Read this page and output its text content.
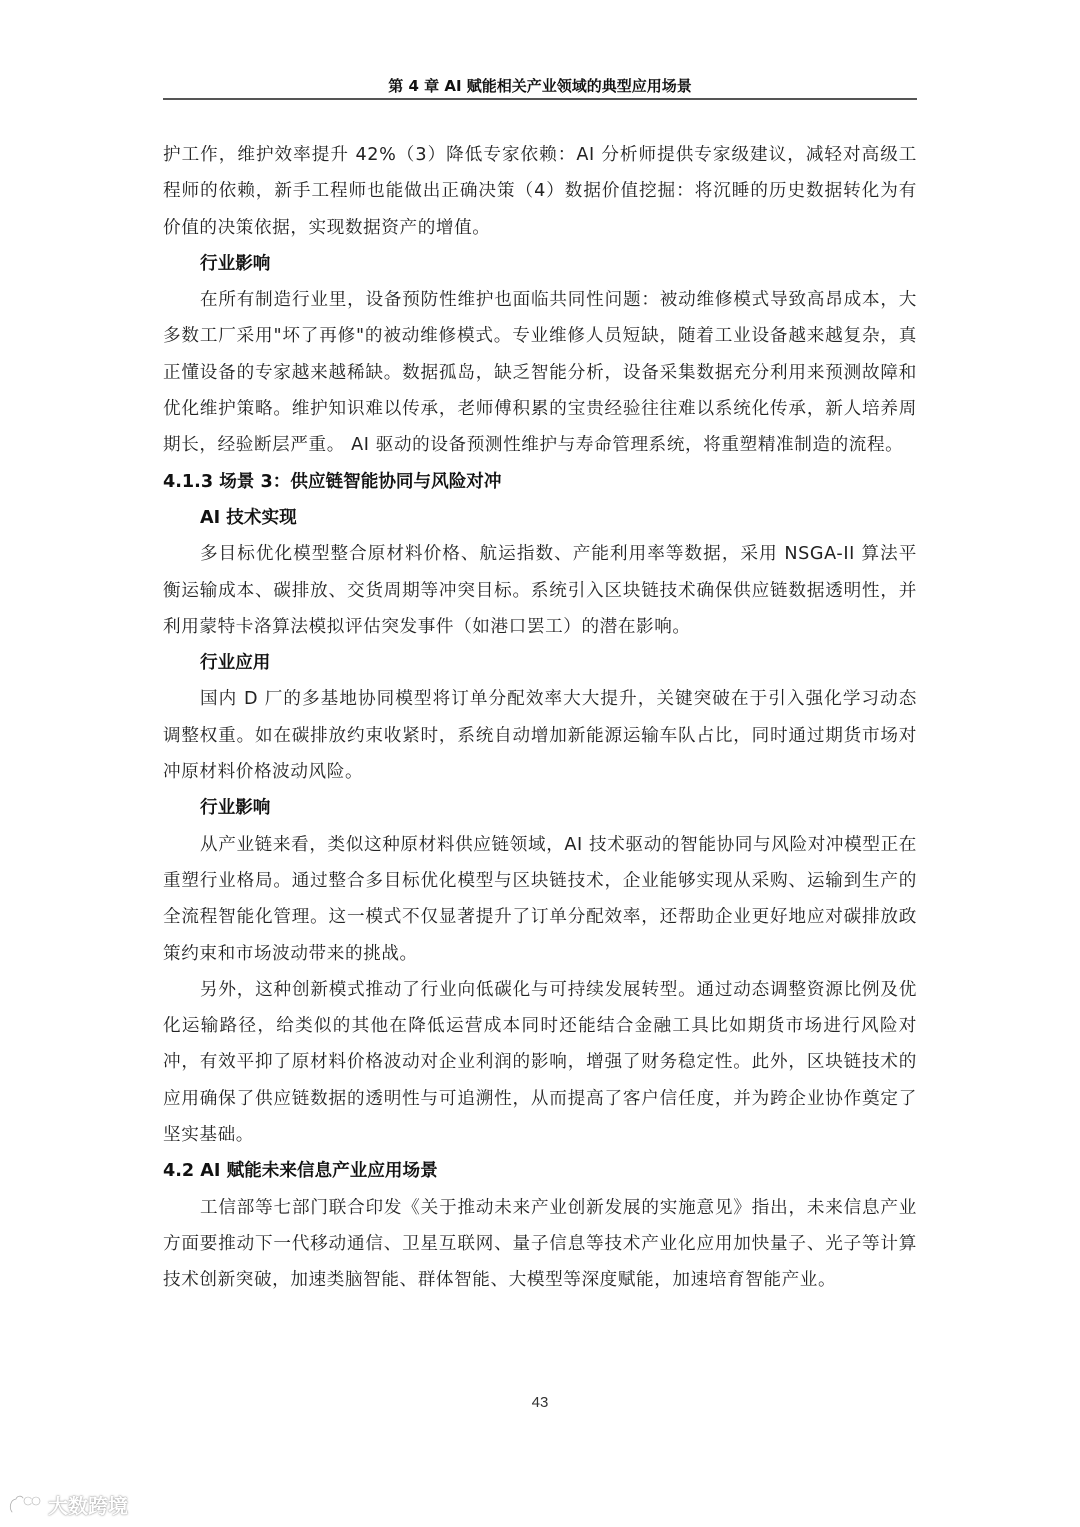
第 4 章 AI 赋能相关产业领域的典型应用场景

护工作，维护效率提升 42%（3）降低专家依赖：AI 分析师提供专家级建议，减轻对高级工程师的依赖，新手工程师也能做出正确决策（4）数据价值挖掘：将沉睡的历史数据转化为有价值的决策依据，实现数据资产的增值。

行业影响

在所有制造行业里，设备预防性维护也面临共同性问题：被动维修模式导致高昂成本，大多数工厂采用"坏了再修"的被动维修模式。专业维修人员短缺，随着工业设备越来越复杂，真正懂设备的专家越来越稀缺。数据孤岛，缺乏智能分析，设备采集数据充分利用来预测故障和优化维护策略。维护知识难以传承，老师傅积累的宝贵经验往往难以系统化传承，新人培养周期长，经验断层严重。 AI 驱动的设备预测性维护与寿命管理系统，将重塑精准制造的流程。

4.1.3 场景 3：供应链智能协同与风险对冲

AI 技术实现

多目标优化模型整合原材料价格、航运指数、产能利用率等数据，采用 NSGA-II 算法平衡运输成本、碳排放、交货周期等冲突目标。系统引入区块链技术确保供应链数据透明性，并利用蒙特卡洛算法模拟评估突发事件（如港口罢工）的潜在影响。

行业应用

国内 D 厂的多基地协同模型将订单分配效率大大提升，关键突破在于引入强化学习动态调整权重。如在碳排放约束收紧时，系统自动增加新能源运输车队占比，同时通过期货市场对冲原材料价格波动风险。

行业影响

从产业链来看，类似这种原材料供应链领域，AI 技术驱动的智能协同与风险对冲模型正在重塑行业格局。通过整合多目标优化模型与区块链技术，企业能够实现从采购、运输到生产的全流程智能化管理。这一模式不仅显著提升了订单分配效率，还帮助企业更好地应对碳排放政策约束和市场波动带来的挑战。

另外，这种创新模式推动了行业向低碳化与可持续发展转型。通过动态调整资源比例及优化运输路径，给类似的其他在降低运营成本同时还能结合金融工具比如期货市场进行风险对冲，有效平抑了原材料价格波动对企业利润的影响，增强了财务稳定性。此外，区块链技术的应用确保了供应链数据的透明性与可追溯性，从而提高了客户信任度，并为跨企业协作奠定了坚实基础。

4.2 AI 赋能未来信息产业应用场景

工信部等七部门联合印发《关于推动未来产业创新发展的实施意见》指出，未来信息产业方面要推动下一代移动通信、卫星互联网、量子信息等技术产业化应用加快量子、光子等计算技术创新突破，加速类脑智能、群体智能、大模型等深度赋能，加速培育智能产业。

43
大数跨境
